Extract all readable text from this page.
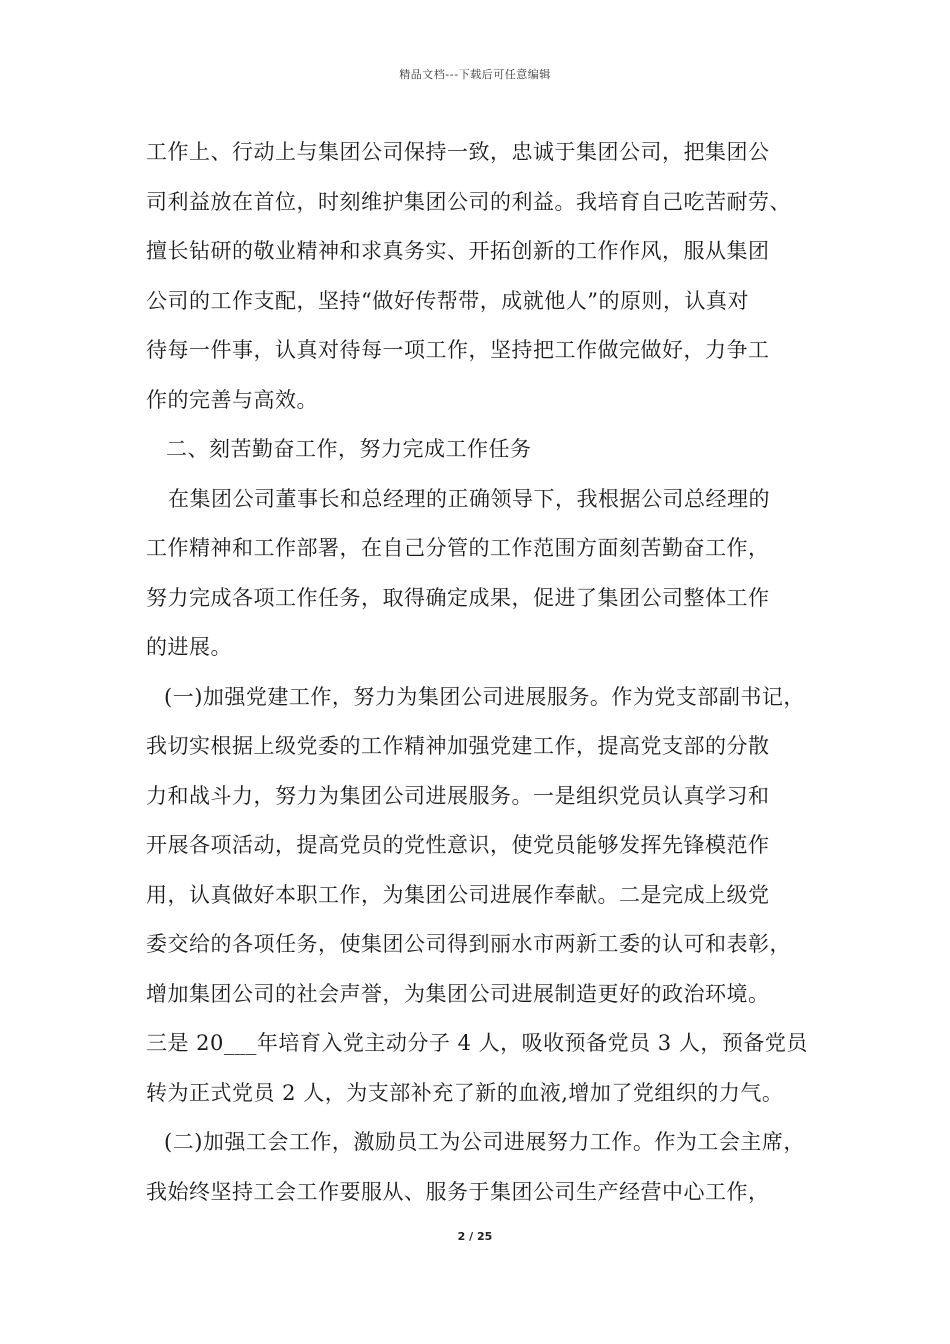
精品文档---下载后可任意编辑
工作上、行动上与集团公司保持一致，忠诚于集团公司，把集团公
司利益放在首位，时刻维护集团公司的利益。我培育自己吃苦耐劳、
擅长钻研的敬业精神和求真务实、开拓创新的工作作风，服从集团
公司的工作支配，坚持“做好传帮带，成就他人”的原则，认真对
待每一件事，认真对待每一项工作，坚持把工作做完做好，力争工
作的完善与高效。
二、刻苦勤奋工作，努力完成工作任务
在集团公司董事长和总经理的正确领导下，我根据公司总经理的
工作精神和工作部署，在自己分管的工作范围方面刻苦勤奋工作，
努力完成各项工作任务，取得确定成果，促进了集团公司整体工作
的进展。
(一)加强党建工作，努力为集团公司进展服务。作为党支部副书记，
我切实根据上级党委的工作精神加强党建工作，提高党支部的分散
力和战斗力，努力为集团公司进展服务。一是组织党员认真学习和
开展各项活动，提高党员的党性意识，使党员能够发挥先锋模范作
用，认真做好本职工作，为集团公司进展作奉献。二是完成上级党
委交给的各项任务，使集团公司得到丽水市两新工委的认可和表彰，
增加集团公司的社会声誉，为集团公司进展制造更好的政治环境。
三是 20___年培育入党主动分子 4 人，吸收预备党员 3 人，预备党员
转为正式党员 2 人，为支部补充了新的血液,增加了党组织的力气。
(二)加强工会工作，激励员工为公司进展努力工作。作为工会主席，
我始终坚持工会工作要服从、服务于集团公司生产经营中心工作，
2 / 25
